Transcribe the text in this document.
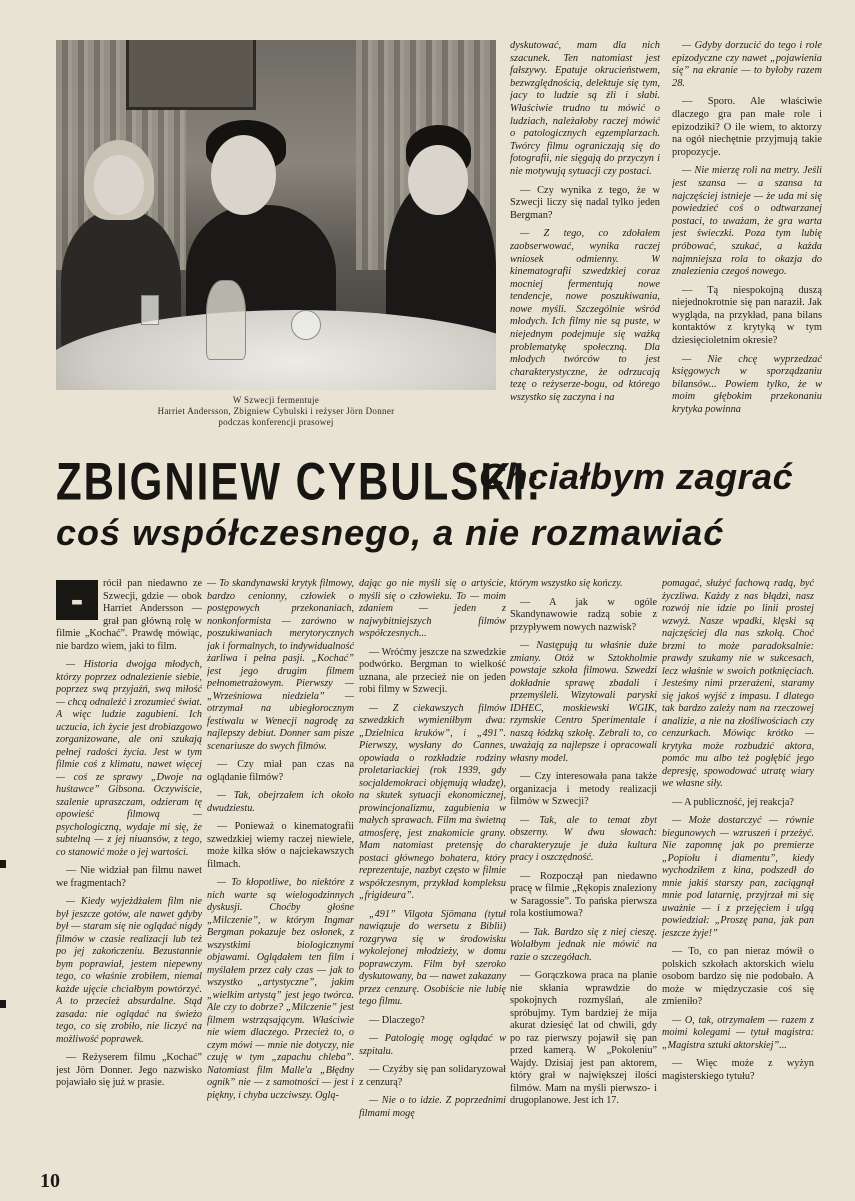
W Szwecji fermentuje
Harriet Andersson, Zbigniew Cybulski i reżyser Jörn Donner
podczas konferencji prasowej

dyskutować, mam dla nich szacunek. Ten natomiast jest fałszywy. Epatuje okrucieństwem, bezwzględnością, delektuje się tym, jacy to ludzie są źli i słabi. Właściwie trudno tu mówić o ludziach, należałoby raczej mówić o patologicznych egzemplarzach. Twórcy filmu ograniczają się do fotografii, nie sięgają do przyczyn i nie motywują sytuacji czy postaci.

— Czy wynika z tego, że w Szwecji liczy się nadal tylko jeden Bergman?

— Z tego, co zdołałem zaobserwować, wynika raczej wniosek odmienny. W kinematografii szwedzkiej coraz mocniej fermentują nowe tendencje, nowe poszukiwania, nowe myśli. Szczególnie wśród młodych. Ich filmy nie są puste, w niejednym podejmuje się ważką problematykę społeczną. Dla młodych twórców to jest charakterystyczne, że odrzucają tezę o reżyserze-bogu, od którego wszystko się zaczyna i na

— Gdyby dorzucić do tego i role epizodyczne czy nawet „pojawienia się” na ekranie — to byłoby razem 28.

— Sporo. Ale właściwie dlaczego gra pan małe role i epizodziki? O ile wiem, to aktorzy na ogół niechętnie przyjmują takie propozycje.

— Nie mierzę roli na metry. Jeśli jest szansa — a szansa ta najczęściej istnieje — że uda mi się powiedzieć coś o odtwarzanej postaci, to uważam, że gra warta jest świeczki. Poza tym lubię próbować, szukać, a każda najmniejsza rola to okazja do znalezienia czegoś nowego.

— Tą niespokojną duszą niejednokrotnie się pan naraził. Jak wygląda, na przykład, pana bilans kontaktów z krytyką w tym dziesięcioletnim okresie?

— Nie chcę wyprzedzać księgowych w sporządzaniu bilansów... Powiem tylko, że w moim głębokim przekonaniu krytyka powinna

ZBIGNIEW CYBULSKI:
- Chciałbym zagrać
coś współczesnego, a nie rozmawiać

-W
rócił pan niedawno ze Szwecji, gdzie — obok Harriet Andersson — grał pan główną rolę w filmie „Kochać”. Prawdę mówiąc, nie bardzo wiem, jaki to film.

— Historia dwojga młodych, którzy poprzez odnalezienie siebie, poprzez swą przyjaźń, swą miłość — chcą odnaleźć i zrozumieć świat. A więc ludzie zagubieni. Ich uczucia, ich życie jest drobiazgowo zorganizowane, ale oni szukają pełnej radości życia. Jest w tym filmie coś z klimatu, nawet więcej — coś ze sprawy „Dwoje na huśtawce” Gibsona. Oczywiście, szalenie upraszczam, odzieram tę opowieść filmową — psychologiczną, wydaje mi się, że subtelną — z jej niuansów, z tego, co stanowić może o jej wartości.

— Nie widział pan filmu nawet we fragmentach?

— Kiedy wyjeżdżałem film nie był jeszcze gotów, ale nawet gdyby był — staram się nie oglądać nigdy filmów w czasie realizacji lub też po jej zakończeniu. Bezustannie bym poprawiał, jestem niepewny tego, co właśnie zrobiłem, niemal każde ujęcie chciałbym powtórzyć. A to przecież absurdalne. Stąd zasada: nie oglądać na świeżo tego, co się zrobiło, nie liczyć na możliwość poprawek.

— Reżyserem filmu „Kochać” jest Jörn Donner. Jego nazwisko pojawiało się już w prasie.

— To skandynawski krytyk filmowy, bardzo cenionny, człowiek o postępowych przekonaniach, nonkonformista — zarówno w poszukiwaniach merytorycznych jak i formalnych, to indywidualność żarliwa i pełna pasji. „Kochać” jest jego drugim filmem pełnometrażowym. Pierwszy — „Wrześniowa niedziela” — otrzymał na ubiegłorocznym festiwalu w Wenecji nagrodę za najlepszy debiut. Donner sam pisze scenariusze do swych filmów.

— Czy miał pan czas na oglądanie filmów?

— Tak, obejrzałem ich około dwudziestu.

— Ponieważ o kinematografii szwedzkiej wiemy raczej niewiele, może kilka słów o najciekawszych filmach.

— To kłopotliwe, bo niektóre z nich warte są wielogodzinnych dyskusji. Choćby głośne „Milczenie”, w którym Ingmar Bergman pokazuje bez osłonek, z wszystkimi biologicznymi objawami. Oglądałem ten film i myślałem przez cały czas — jak to wszystko „artystyczne”, jakim „wielkim artystą” jest jego twórca. Ale czy to dobrze? „Milczenie” jest filmem wstrząsającym. Właściwie nie wiem dlaczego. Przecież to, o czym mówi — mnie nie dotyczy, nie czuję w tym „zapachu chleba”. Natomiast film Malle'a „Błędny ognik” nie — z samotności — jest i piękny, i chyba uczciwszy. Oglą-

dając go nie myśli się o artyście, myśli się o człowieku. To — moim zdaniem — jeden z najwybitniejszych filmów współczesnych...

— Wróćmy jeszcze na szwedzkie podwórko. Bergman to wielkość uznana, ale przecież nie on jeden robi filmy w Szwecji.

— Z ciekawszych filmów szwedzkich wymieniłbym dwa: „Dzielnica kruków”, i „491”. Pierwszy, wysłany do Cannes, opowiada o rozkładzie rodziny proletariackiej (rok 1939, gdy socjaldemokraci objęmują władzę), na skutek sytuacji ekonomicznej, prowincjonalizmu, zagubienia w małych sprawach. Film ma świetną atmosferę, jest znakomicie grany. Mam natomiast pretensję do postaci głównego bohatera, który reprezentuje, nazbyt często w filmie współczesnym, przykład kompleksu „frigideura”.

„491” Vilgota Sjömana (tytuł nawiązuje do wersetu z Biblii) rozgrywa się w środowisku wykolejonej młodzieży, w domu poprawczym. Film był szeroko dyskutowany, ba — nawet zakazany przez cenzurę. Osobiście nie lubię tego filmu.

— Dlaczego?

— Patologię mogę oglądać w szpitalu.

— Czyżby się pan solidaryzował z cenzurą?

— Nie o to idzie. Z poprzednimi filmami mogę

którym wszystko się kończy.

— A jak w ogóle Skandynawowie radzą sobie z przypływem nowych nazwisk?

— Następują tu właśnie duże zmiany. Otóż w Sztokholmie powstaje szkoła filmowa. Szwedzi dokładnie sprawę zbadali i przemyśleli. Wizytowali paryski IDHEC, moskiewski WGIK, rzymskie Centro Sperimentale i naszą łódzką szkołę. Zebrali to, co uważają za najlepsze i opracowali własny model.

— Czy interesowała pana także organizacja i metody realizacji filmów w Szwecji?

— Tak, ale to temat zbyt obszerny. W dwu słowach: charakteryzuje je duża kultura pracy i oszczędność.

— Rozpoczął pan niedawno pracę w filmie „Rękopis znaleziony w Saragossie”. To pańska pierwsza rola kostiumowa?

— Tak. Bardzo się z niej cieszę. Wolałbym jednak nie mówić na razie o szczegółach.

— Gorączkowa praca na planie nie skłania wprawdzie do spokojnych rozmyślań, ale spróbujmy. Tym bardziej że mija akurat dziesięć lat od chwili, gdy po raz pierwszy pojawił się pan przed kamerą. W „Pokoleniu” Wajdy. Dzisiaj jest pan aktorem, który grał w największej ilości filmów. Mam na myśli pierwszo- i drugoplanowe. Jest ich 17.

pomagać, służyć fachową radą, być życzliwa. Każdy z nas błądzi, nasz rozwój nie idzie po linii prostej wzwyż. Nasze wpadki, klęski są najczęściej dla nas szkołą. Choć brzmi to może paradoksalnie: prawdy szukamy nie w sukcesach, lecz właśnie w swoich potknięciach. Jesteśmy nimi przerażeni, staramy się jakoś wyjść z impasu. I dlatego tak bardzo zależy nam na rzeczowej analizie, a nie na złośliwościach czy cenzurkach. Mówiąc krótko — krytyka może rozbudzić aktora, pomóc mu albo też pogłębić jego depresję, spowodować utratę wiary we własne siły.

— A publiczność, jej reakcja?

— Może dostarczyć — równie biegunowych — wzruszeń i przeżyć. Nie zapomnę jak po premierze „Popiołu i diamentu”, kiedy wychodziłem z kina, podszedł do mnie jakiś starszy pan, zaciągnął mnie pod latarnię, przyjrzał mi się uważnie — i z przejęciem i ulgą powiedział: „Proszę pana, jak pan jeszcze żyje!”

— To, co pan nieraz mówił o polskich szkołach aktorskich wielu osobom bardzo się nie podobało. A może w międzyczasie coś się zmieniło?

— O, tak, otrzymałem — razem z moimi kolegami — tytuł magistra: „Magistra sztuki aktorskiej”...

— Więc może z wyżyn magisterskiego tytułu?

10
